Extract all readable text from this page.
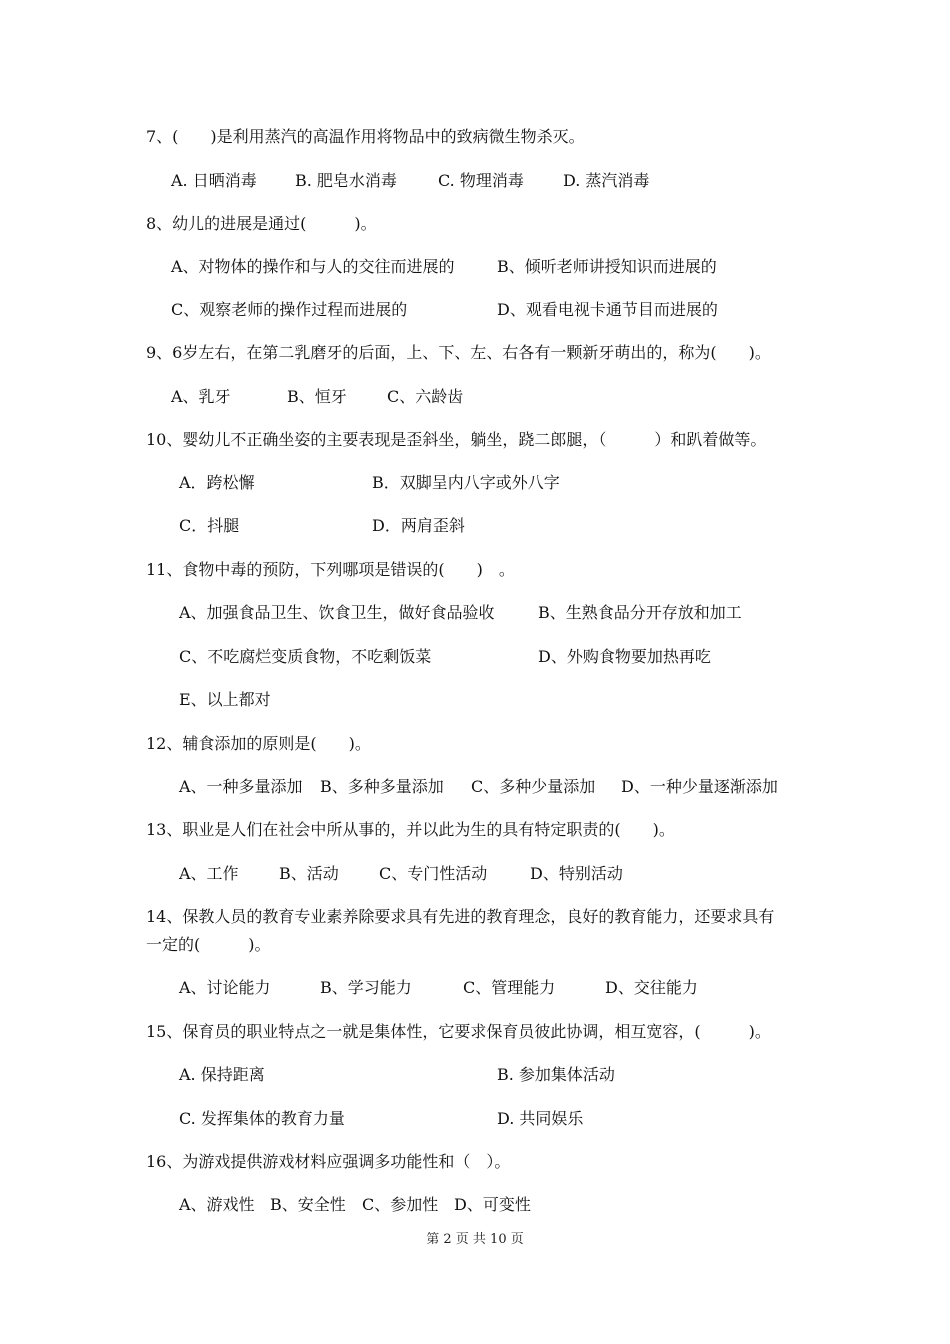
7、(　　)是利用蒸汽的高温作用将物品中的致病微生物杀灭。
A. 日晒消毒 B. 肥皂水消毒	C. 物理消毒 D. 蒸汽消毒
8、幼儿的进展是通过(　　　)。
A、对物体的操作和与人的交往而进展的	B、倾听老师讲授知识而进展的
C、观察老师的操作过程而进展的	D、观看电视卡通节目而进展的
9、6岁左右，在第二乳磨牙的后面，上、下、左、右各有一颗新牙萌出的，称为(　　)。
A、乳牙	B、恒牙	C、六龄齿
10、婴幼儿不正确坐姿的主要表现是歪斜坐，躺坐，跷二郎腿，（　　　）和趴着做等。
A．跨松懈	B．双脚呈内八字或外八字
C．抖腿	D．两肩歪斜
11、食物中毒的预防，下列哪项是错误的(　　)　。
A、加强食品卫生、饮食卫生，做好食品验收	B、生熟食品分开存放和加工
C、不吃腐烂变质食物，不吃剩饭菜	D、外购食物要加热再吃
E、以上都对
12、辅食添加的原则是(　　)。
A、一种多量添加 B、多种多量添加 C、多种少量添加 D、一种少量逐渐添加
13、职业是人们在社会中所从事的，并以此为生的具有特定职责的(　　)。
A、工作	B、活动	C、专门性活动	D、特别活动
14、保教人员的教育专业素养除要求具有先进的教育理念，良好的教育能力，还要求具有
一定的(　　　)。
A、讨论能力	B、学习能力	C、管理能力	D、交往能力
15、保育员的职业特点之一就是集体性，它要求保育员彼此协调，相互宽容，(　　　)。
A. 保持距离	B. 参加集体活动
C. 发挥集体的教育力量	D. 共同娱乐
16、为游戏提供游戏材料应强调多功能性和（　）。
A、游戏性 B、安全性 C、参加性 D、可变性
第 2 页 共 10 页
